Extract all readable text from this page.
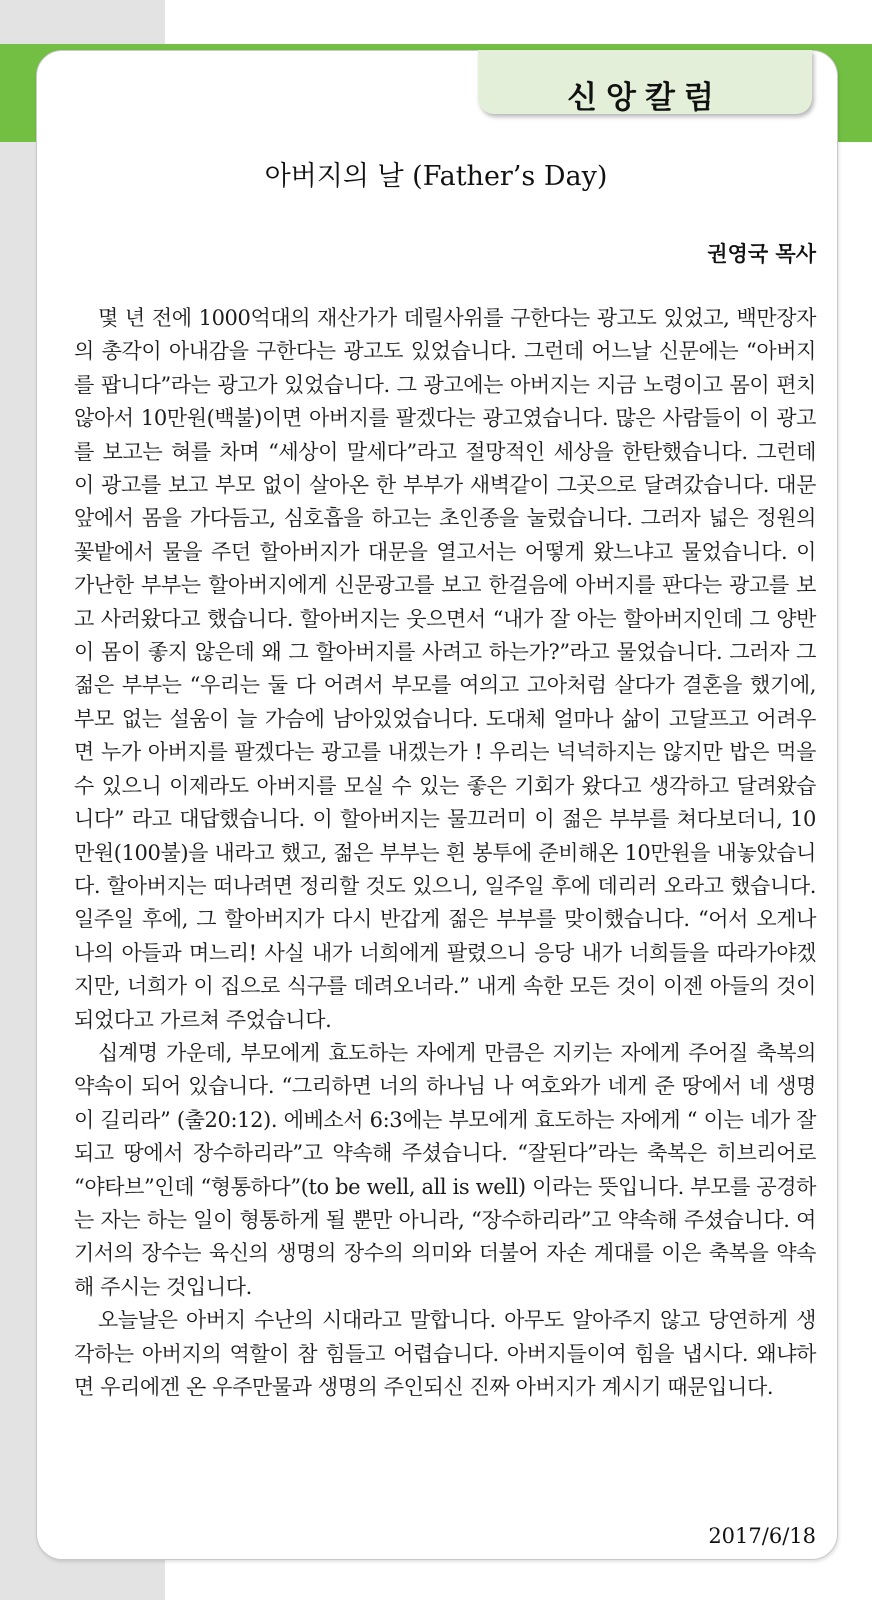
신앙칼럼
아버지의 날 (Father’s Day)
권영국 목사

몇 년 전에 1000억대의 재산가가 데릴사위를 구한다는 광고도 있었고, 백만장자의 총각이 아내감을 구한다는 광고도 있었습니다. 그런데 어느날 신문에는 “아버지를 팝니다”라는 광고가 있었습니다. 그 광고에는 아버지는 지금 노령이고 몸이 편치 않아서 10만원(백불)이면 아버지를 팔겠다는 광고였습니다. 많은 사람들이 이 광고를 보고는 혀를 차며 “세상이 말세다”라고 절망적인 세상을 한탄했습니다. 그런데 이 광고를 보고 부모 없이 살아온 한 부부가 새벽같이 그곳으로 달려갔습니다. 대문 앞에서 몸을 가다듬고, 심호흡을 하고는 초인종을 눌렀습니다. 그러자 넓은 정원의 꽃밭에서 물을 주던 할아버지가 대문을 열고서는 어떻게 왔느냐고 물었습니다. 이 가난한 부부는 할아버지에게 신문광고를 보고 한걸음에 아버지를 판다는 광고를 보고 사러왔다고 했습니다. 할아버지는 웃으면서 “내가 잘 아는 할아버지인데 그 양반이 몸이 좋지 않은데 왜 그 할아버지를 사려고 하는가?”라고 물었습니다. 그러자 그 젊은 부부는 “우리는 둘 다 어려서 부모를 여의고 고아처럼 살다가 결혼을 했기에, 부모 없는 설움이 늘 가슴에 남아있었습니다. 도대체 얼마나 삶이 고달프고 어려우면 누가 아버지를 팔겠다는 광고를 내겠는가 ! 우리는 넉넉하지는 않지만 밥은 먹을 수 있으니 이제라도 아버지를 모실 수 있는 좋은 기회가 왔다고 생각하고 달려왔습니다” 라고 대답했습니다. 이 할아버지는 물끄러미 이 젊은 부부를 쳐다보더니, 10만원(100불)을 내라고 했고, 젊은 부부는 흰 봉투에 준비해온 10만원을 내놓았습니다. 할아버지는 떠나려면 정리할 것도 있으니, 일주일 후에 데리러 오라고 했습니다. 일주일 후에, 그 할아버지가 다시 반갑게 젊은 부부를 맞이했습니다. “어서 오게나 나의 아들과 며느리! 사실 내가 너희에게 팔렸으니 응당 내가 너희들을 따라가야겠지만, 너희가 이 집으로 식구를 데려오너라.” 내게 속한 모든 것이 이젠 아들의 것이 되었다고 가르쳐 주었습니다.

십계명 가운데, 부모에게 효도하는 자에게 만큼은 지키는 자에게 주어질 축복의 약속이 되어 있습니다. “그리하면 너의 하나님 나 여호와가 네게 준 땅에서 네 생명이 길리라” (출20:12). 에베소서 6:3에는 부모에게 효도하는 자에게 “ 이는 네가 잘되고 땅에서 장수하리라”고 약속해 주셨습니다. “잘된다”라는 축복은 히브리어로 “야타브”인데 “형통하다”(to be well, all is well) 이라는 뜻입니다. 부모를 공경하는 자는 하는 일이 형통하게 될 뿐만 아니라, “장수하리라”고 약속해 주셨습니다. 여기서의 장수는 육신의 생명의 장수의 의미와 더불어 자손 계대를 이은 축복을 약속해 주시는 것입니다.

오늘날은 아버지 수난의 시대라고 말합니다. 아무도 알아주지 않고 당연하게 생각하는 아버지의 역할이 참 힘들고 어렵습니다. 아버지들이여 힘을 냅시다. 왜냐하면 우리에겐 온 우주만물과 생명의 주인되신 진짜 아버지가 계시기 때문입니다.

2017/6/18
